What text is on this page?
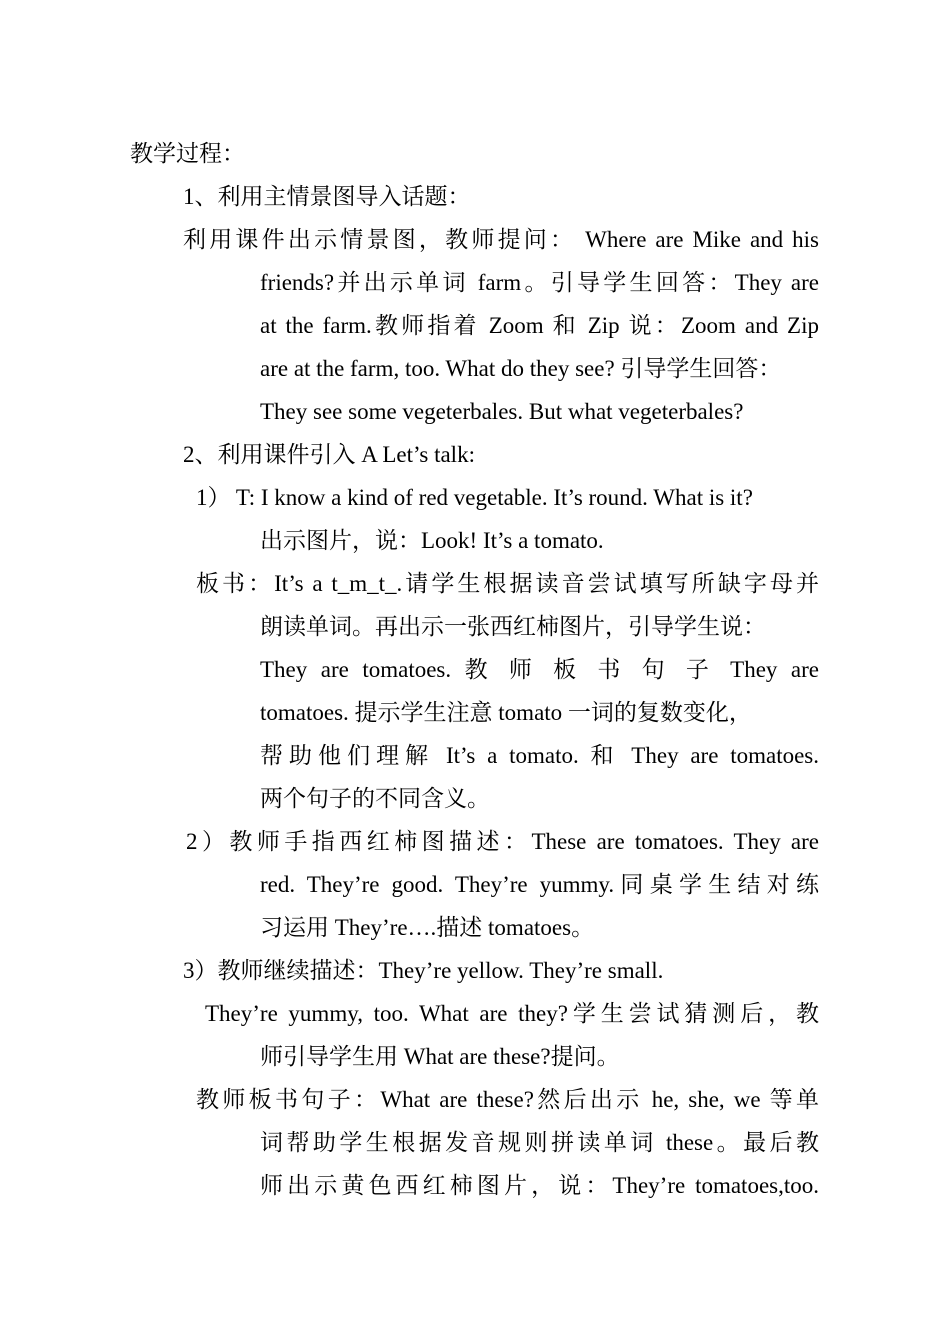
教学过程：
1、利用主情景图导入话题：
利用课件出示情景图，教师提问： Where are Mike and his
friends?并出示单词 farm。引导学生回答：They are
at the farm.教师指着 Zoom 和 Zip 说：Zoom and Zip
are at the farm, too. What do they see? 引导学生回答：
They see some vegeterbales. But what vegeterbales?
2、利用课件引入 A Let’s talk:
1） T: I know a kind of red vegetable. It’s round. What is it?
出示图片，说：Look! It’s a tomato.
板书：It’s a t_m_t_.请学生根据读音尝试填写所缺字母并
朗读单词。再出示一张西红柿图片，引导学生说：
They are tomatoes. 教 师 板 书 句 子 They are
tomatoes. 提示学生注意 tomato 一词的复数变化，
帮助他们理解 It’s a tomato. 和 They are tomatoes.
两个句子的不同含义。
2）教师手指西红柿图描述：These are tomatoes. They are
red. They’re good. They’re yummy.同桌学生结对练
习运用 They’re….描述 tomatoes。
3）教师继续描述：They’re yellow. They’re small.
They’re yummy, too. What are they?学生尝试猜测后，教
师引导学生用 What are these?提问。
教师板书句子：What are these?然后出示 he, she, we 等单
词帮助学生根据发音规则拼读单词 these。最后教
师出示黄色西红柿图片，说：They’re tomatoes,too.
